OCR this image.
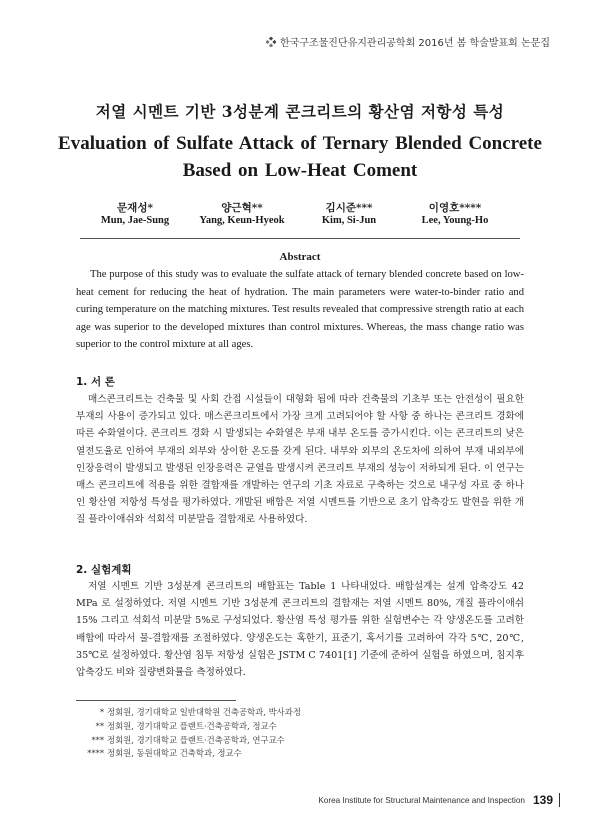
한국구조물진단유지관리공학회 2016년 봄 학술발표회 논문집
저열 시멘트 기반 3성분계 콘크리트의 황산염 저항성 특성
Evaluation of Sulfate Attack of Ternary Blended Concrete
Based on Low-Heat Coment
문재성*
Mun, Jae-Sung
양근혁**
Yang, Keun-Hyeok
김시준***
Kim, Si-Jun
이영호****
Lee, Young-Ho
Abstract
The purpose of this study was to evaluate the sulfate attack of ternary blended concrete based on low-heat cement for reducing the heat of hydration. The main parameters were water-to-binder ratio and curing temperature on the matching mixtures. Test results revealed that compressive strength ratio at each age was superior to the developed mixtures than control mixtures. Whereas, the mass change ratio was superior to the control mixture at all ages.
1. 서 론
매스콘크리트는 건축물 및 사회 간접 시설들이 대형화 됨에 따라 건축물의 기초부 또는 안전성이 필요한 부재의 사용이 증가되고 있다. 매스콘크리트에서 가장 크게 고려되어야 할 사항 중 하나는 콘크리트 경화에 따른 수화열이다. 콘크리트 경화 시 발생되는 수화열은 부재 내부 온도를 증가시킨다. 이는 콘크리트의 낮은 열전도율로 인하여 부재의 외부와 상이한 온도를 갖게 된다. 내부와 외부의 온도차에 의하여 부재 내외부에 인장응력이 발생되고 발생된 인장응력은 균열을 발생시켜 콘크리트 부재의 성능이 저하되게 된다. 이 연구는 매스 콘크리트에 적용을 위한 결합재를 개발하는 연구의 기초 자료로 구축하는 것으로 내구성 자료 중 하나인 황산염 저항성 특성을 평가하였다. 개발된 배합은 저열 시멘트를 기반으로 초기 압축강도 발현을 위한 개질 플라이애쉬와 석회석 미분말을 결합재로 사용하였다.
2. 실험계획
저열 시멘트 기반 3성분계 콘크리트의 배합표는 Table 1 나타내었다. 배합설계는 설계 압축강도 42 MPa 로 설정하였다. 저열 시멘트 기반 3성분계 콘크리트의 결합재는 저열 시멘트 80%, 개질 플라이애쉬 15% 그리고 석회석 미분말 5%로 구성되었다. 황산염 특성 평가를 위한 실험변수는 각 양생온도를 고려한 배합에 따라서 물-결합재를 조절하였다. 양생온도는 혹한기, 표준기, 혹서기를 고려하여 각각 5℃, 20℃, 35℃로 설정하였다. 황산염 침투 저항성 실험은 JSTM C 7401[1] 기준에 준하여 실험을 하였으며, 침지후 압축강도 비와 질량변화률을 측정하였다.
* 정회원, 경기대학교 일반대학원 건축공학과, 박사과정
** 정회원, 경기대학교 플랜트·건축공학과, 정교수
*** 정회원, 경기대학교 플랜트·건축공학과, 연구교수
**** 정회원, 동원대학교 건축학과, 정교수
Korea Institute for Structural Maintenance and Inspection 139
